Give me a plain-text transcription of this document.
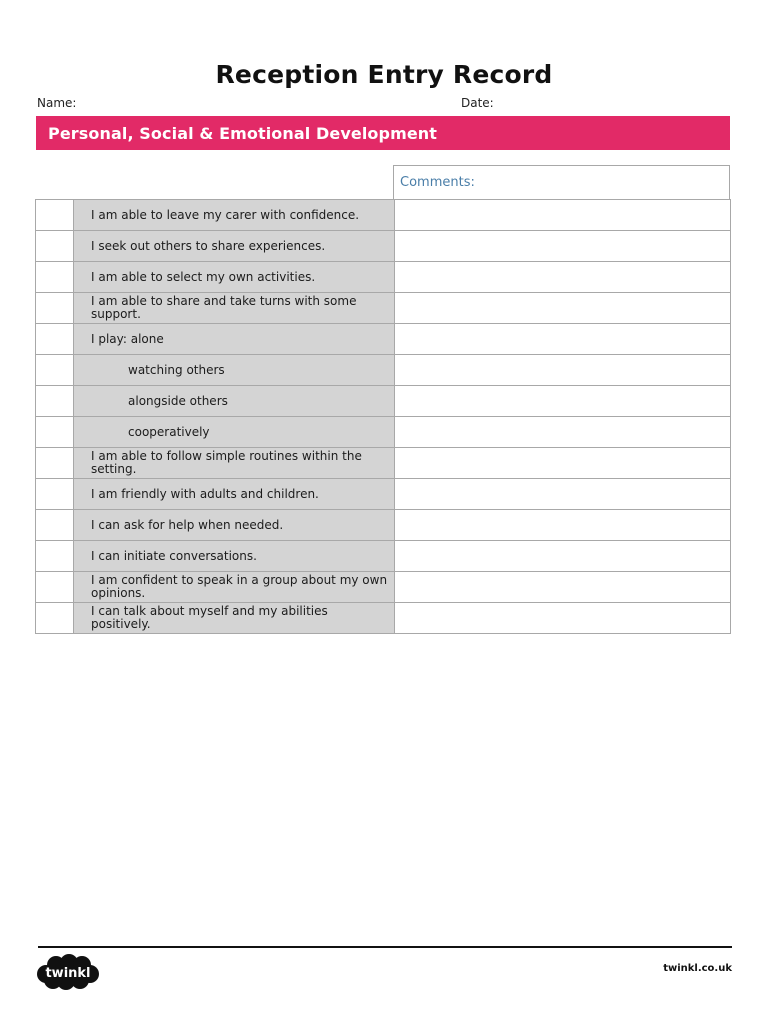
Reception Entry Record
Name:	Date:
Personal, Social & Emotional Development
Comments:
	I am able to leave my carer with confidence.	
	I seek out others to share experiences.	
	I am able to select my own activities.	
	I am able to share and take turns with some support.	
	I play: alone	
	watching others	
	alongside others	
	cooperatively	
	I am able to follow simple routines within the setting.	
	I am friendly with adults and children.	
	I can ask for help when needed.	
	I can initiate conversations.	
	I am confident to speak in a group about my own opinions.	
	I can talk about myself and my abilities positively.	
twinkl	twinkl.co.uk
